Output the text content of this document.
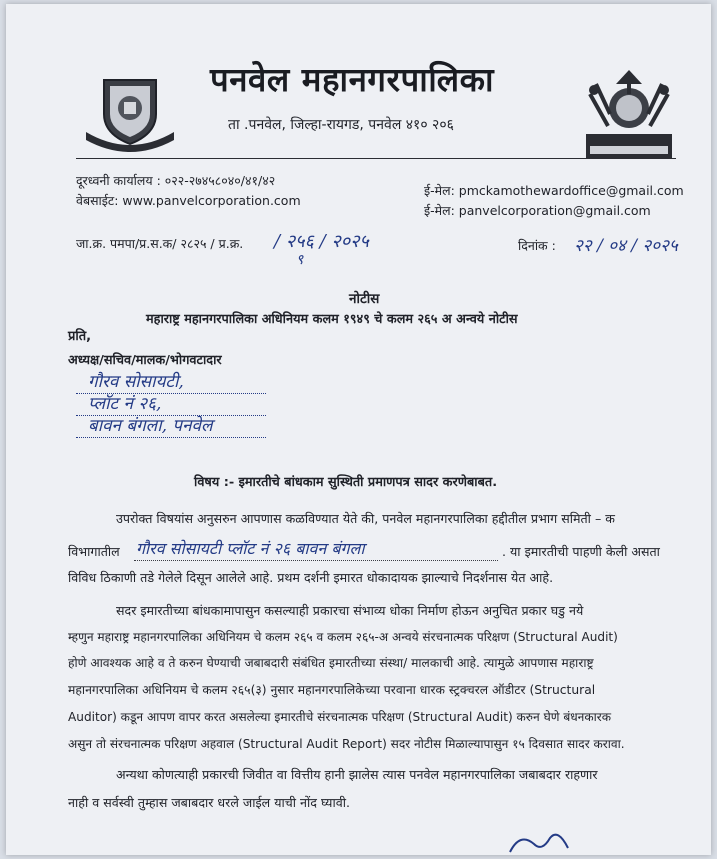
पनवेल महानगरपालिका
ता .पनवेल, जिल्हा-रायगड, पनवेल ४१० २०६
दूरध्वनी कार्यालय : ०२२-२७४५८०४०/४१/४२
वेबसाईट: www.panvelcorporation.com
ई-मेल: pmckamothewardoffice@gmail.com
ई-मेल: panvelcorporation@gmail.com
जा.क्र. पमपा/प्र.स.क/ २८२५ / प्र.क्र. / २५६ / २०२५
९
दिनांक : २२ / ०४ / २०२५
नोटीस
महाराष्ट्र महानगरपालिका अधिनियम कलम १९४९ चे कलम २६५ अ अन्वये नोटीस
प्रति,
अध्यक्ष/सचिव/मालक/भोगवटादार
गौरव सोसायटी,
प्लॉट नं २६,
बावन बंगला, पनवेल
विषय :- इमारतीचे बांधकाम सुस्थिती प्रमाणपत्र सादर करणेबाबत.
उपरोक्त विषयांस अनुसरुन आपणास कळविण्यात येते की, पनवेल महानगरपालिका हद्दीतील प्रभाग समिती – क
विभागातील गौरव सोसायटी प्लॉट नं २६ बावन बंगला	. या इमारतीची पाहणी केली असता
विविध ठिकाणी तडे गेलेले दिसून आलेले आहे. प्रथम दर्शनी इमारत धोकादायक झाल्याचे निदर्शनास येत आहे.
सदर इमारतीच्या बांधकामापासुन कसल्याही प्रकारचा संभाव्य धोका निर्माण होऊन अनुचित प्रकार घडु नये
म्हणुन महाराष्ट्र महानगरपालिका अधिनियम चे कलम २६५ व कलम २६५-अ अन्वये संरचनात्मक परिक्षण (Structural Audit)
होणे आवश्यक आहे व ते करुन घेण्याची जबाबदारी संबंधित इमारतीच्या संस्था/ मालकाची आहे. त्यामुळे आपणास महाराष्ट्र
महानगरपालिका अधिनियम चे कलम २६५(३) नुसार महानगरपालिकेच्या परवाना धारक स्ट्रक्चरल ऑडीटर (Structural
Auditor) कडून आपण वापर करत असलेल्या इमारतीचे संरचनात्मक परिक्षण (Structural Audit) करुन घेणे बंधनकारक
असुन तो संरचनात्मक परिक्षण अहवाल (Structural Audit Report) सदर नोटीस मिळाल्यापासुन १५ दिवसात सादर करावा.
अन्यथा कोणत्याही प्रकारची जिवीत वा वित्तीय हानी झालेस त्यास पनवेल महानगरपालिका जबाबदार राहणार
नाही व सर्वस्वी तुम्हास जबाबदार धरले जाईल याची नोंद घ्यावी.
